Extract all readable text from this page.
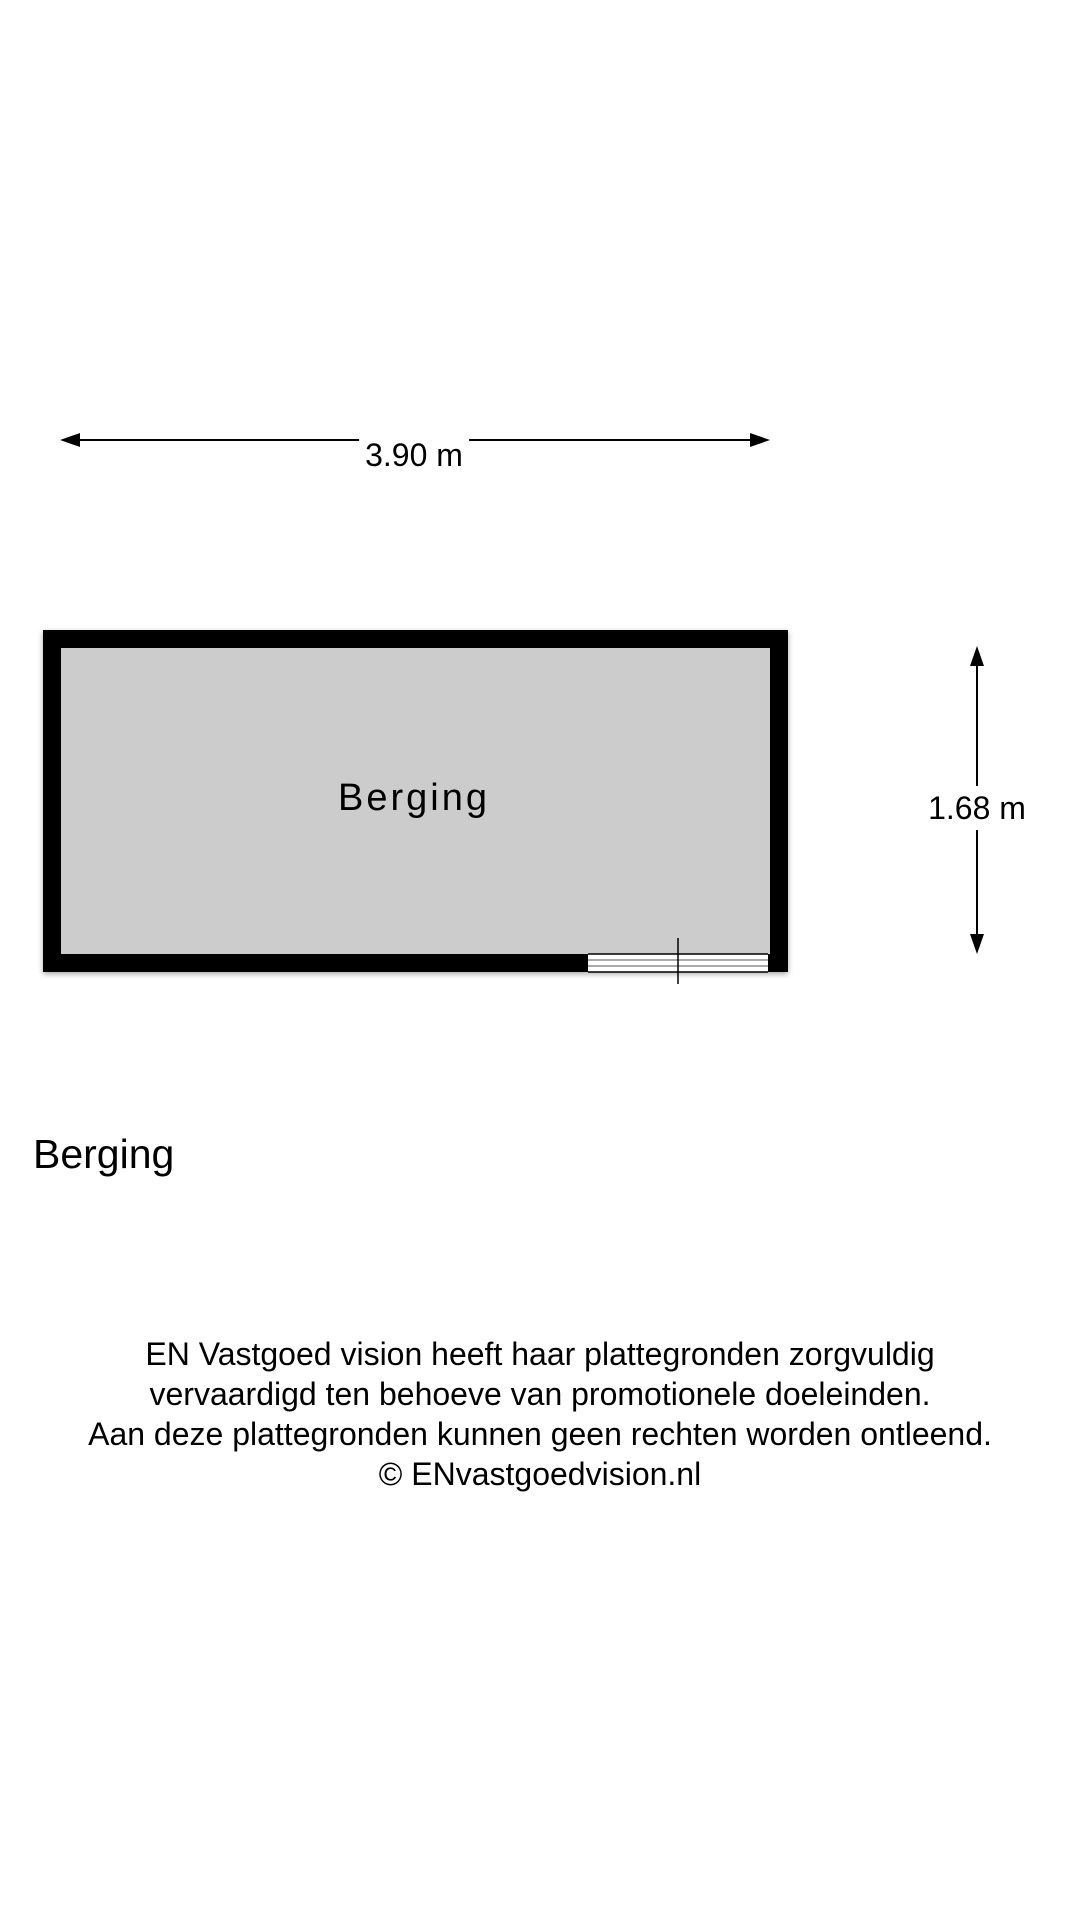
3.90 m
1.68 m
Berging
Berging
EN Vastgoed vision heeft haar plattegronden zorgvuldig
vervaardigd ten behoeve van promotionele doeleinden.
Aan deze plattegronden kunnen geen rechten worden ontleend.
© ENvastgoedvision.nl
